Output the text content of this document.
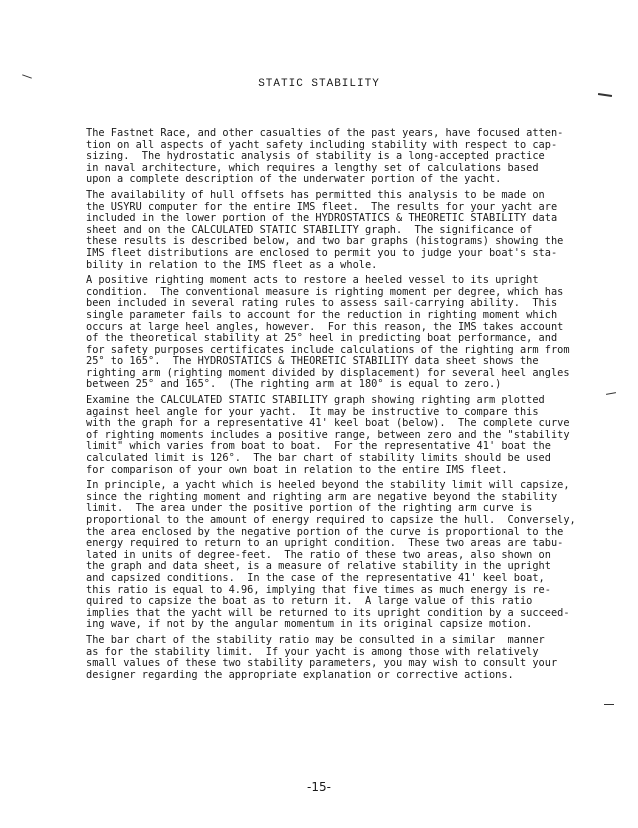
STATIC STABILITY
The Fastnet Race, and other casualties of the past years, have focused atten-
tion on all aspects of yacht safety including stability with respect to cap-
sizing.  The hydrostatic analysis of stability is a long-accepted practice
in naval architecture, which requires a lengthy set of calculations based
upon a complete description of the underwater portion of the yacht.
The availability of hull offsets has permitted this analysis to be made on
the USYRU computer for the entire IMS fleet.  The results for your yacht are
included in the lower portion of the HYDROSTATICS & THEORETIC STABILITY data
sheet and on the CALCULATED STATIC STABILITY graph.  The significance of
these results is described below, and two bar graphs (histograms) showing the
IMS fleet distributions are enclosed to permit you to judge your boat's sta-
bility in relation to the IMS fleet as a whole.
A positive righting moment acts to restore a heeled vessel to its upright
condition.  The conventional measure is righting moment per degree, which has
been included in several rating rules to assess sail-carrying ability.  This
single parameter fails to account for the reduction in righting moment which
occurs at large heel angles, however.  For this reason, the IMS takes account
of the theoretical stability at 25° heel in predicting boat performance, and
for safety purposes certificates include calculations of the righting arm from
25° to 165°.  The HYDROSTATICS & THEORETIC STABILITY data sheet shows the
righting arm (righting moment divided by displacement) for several heel angles
between 25° and 165°.  (The righting arm at 180° is equal to zero.)
Examine the CALCULATED STATIC STABILITY graph showing righting arm plotted
against heel angle for your yacht.  It may be instructive to compare this
with the graph for a representative 41' keel boat (below).  The complete curve
of righting moments includes a positive range, between zero and the "stability
limit" which varies from boat to boat.  For the representative 41' boat the
calculated limit is 126°.  The bar chart of stability limits should be used
for comparison of your own boat in relation to the entire IMS fleet.
In principle, a yacht which is heeled beyond the stability limit will capsize,
since the righting moment and righting arm are negative beyond the stability
limit.  The area under the positive portion of the righting arm curve is
proportional to the amount of energy required to capsize the hull.  Conversely,
the area enclosed by the negative portion of the curve is proportional to the
energy required to return to an upright condition.  These two areas are tabu-
lated in units of degree-feet.  The ratio of these two areas, also shown on
the graph and data sheet, is a measure of relative stability in the upright
and capsized conditions.  In the case of the representative 41' keel boat,
this ratio is equal to 4.96, implying that five times as much energy is re-
quired to capsize the boat as to return it.  A large value of this ratio
implies that the yacht will be returned to its upright condition by a succeed-
ing wave, if not by the angular momentum in its original capsize motion.
The bar chart of the stability ratio may be consulted in a similar  manner
as for the stability limit.  If your yacht is among those with relatively
small values of these two stability parameters, you may wish to consult your
designer regarding the appropriate explanation or corrective actions.
-15-
